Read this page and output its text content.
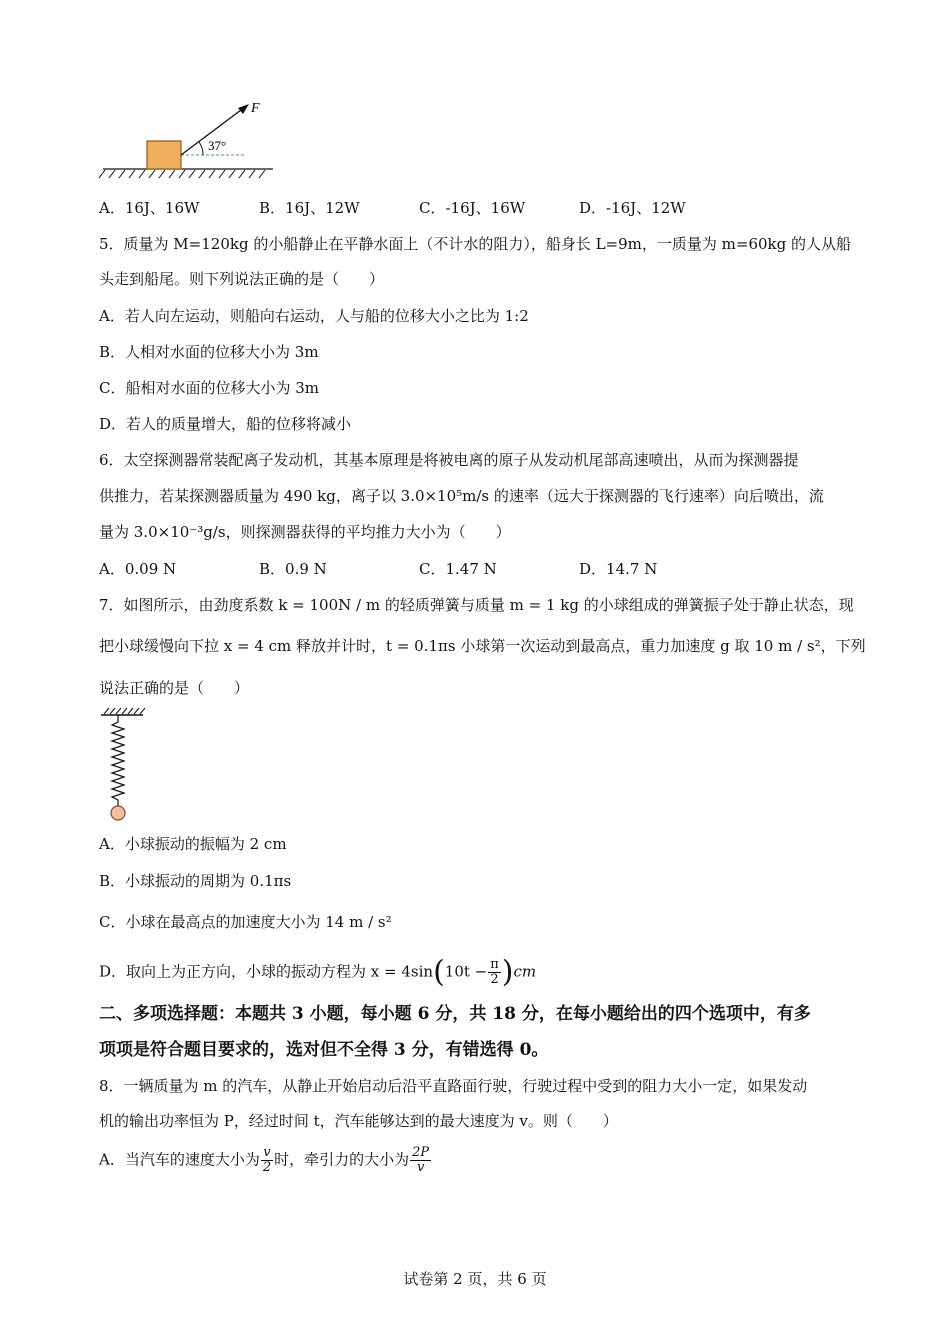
37°
F
A．16J、16W	B．16J、12W	C．-16J、16W	D．-16J、12W
5．质量为 M=120kg 的小船静止在平静水面上（不计水的阻力），船身长 L=9m，一质量为 m=60kg 的人从船
头走到船尾。则下列说法正确的是（　　）
A．若人向左运动，则船向右运动，人与船的位移大小之比为 1:2
B．人相对水面的位移大小为 3m
C．船相对水面的位移大小为 3m
D．若人的质量增大，船的位移将减小
6．太空探测器常装配离子发动机，其基本原理是将被电离的原子从发动机尾部高速喷出，从而为探测器提
供推力，若某探测器质量为 490 kg，离子以 3.0×10⁵m/s 的速率（远大于探测器的飞行速率）向后喷出，流
量为 3.0×10⁻³g/s，则探测器获得的平均推力大小为（　　）
A．0.09 N	B．0.9 N	C．1.47 N	D．14.7 N
7．如图所示，由劲度系数 k = 100N / m 的轻质弹簧与质量 m = 1 kg 的小球组成的弹簧振子处于静止状态，现
把小球缓慢向下拉 x = 4 cm 释放并计时，t = 0.1πs 小球第一次运动到最高点，重力加速度 g 取 10 m / s²，下列
说法正确的是（　　）
A．小球振动的振幅为 2 cm
B．小球振动的周期为 0.1πs
C．小球在最高点的加速度大小为 14 m / s²
D．取向上为正方向，小球的振动方程为 $x = 4\sin(10t - \frac{\pi}{2} )cm$
二、多项选择题：本题共 3 小题，每小题 6 分，共 18 分，在每小题给出的四个选项中，有多
项项是符合题目要求的，选对但不全得 3 分，有错选得 0。
8．一辆质量为 m 的汽车，从静止开始启动后沿平直路面行驶，行驶过程中受到的阻力大小一定，如果发动
机的输出功率恒为 P，经过时间 t，汽车能够达到的最大速度为 v。则（　　）
A．当汽车的速度大小为 $\frac{v}{2}$ 时，牵引力的大小为 $\frac{2P}{v}$
试卷第 2 页，共 6 页
